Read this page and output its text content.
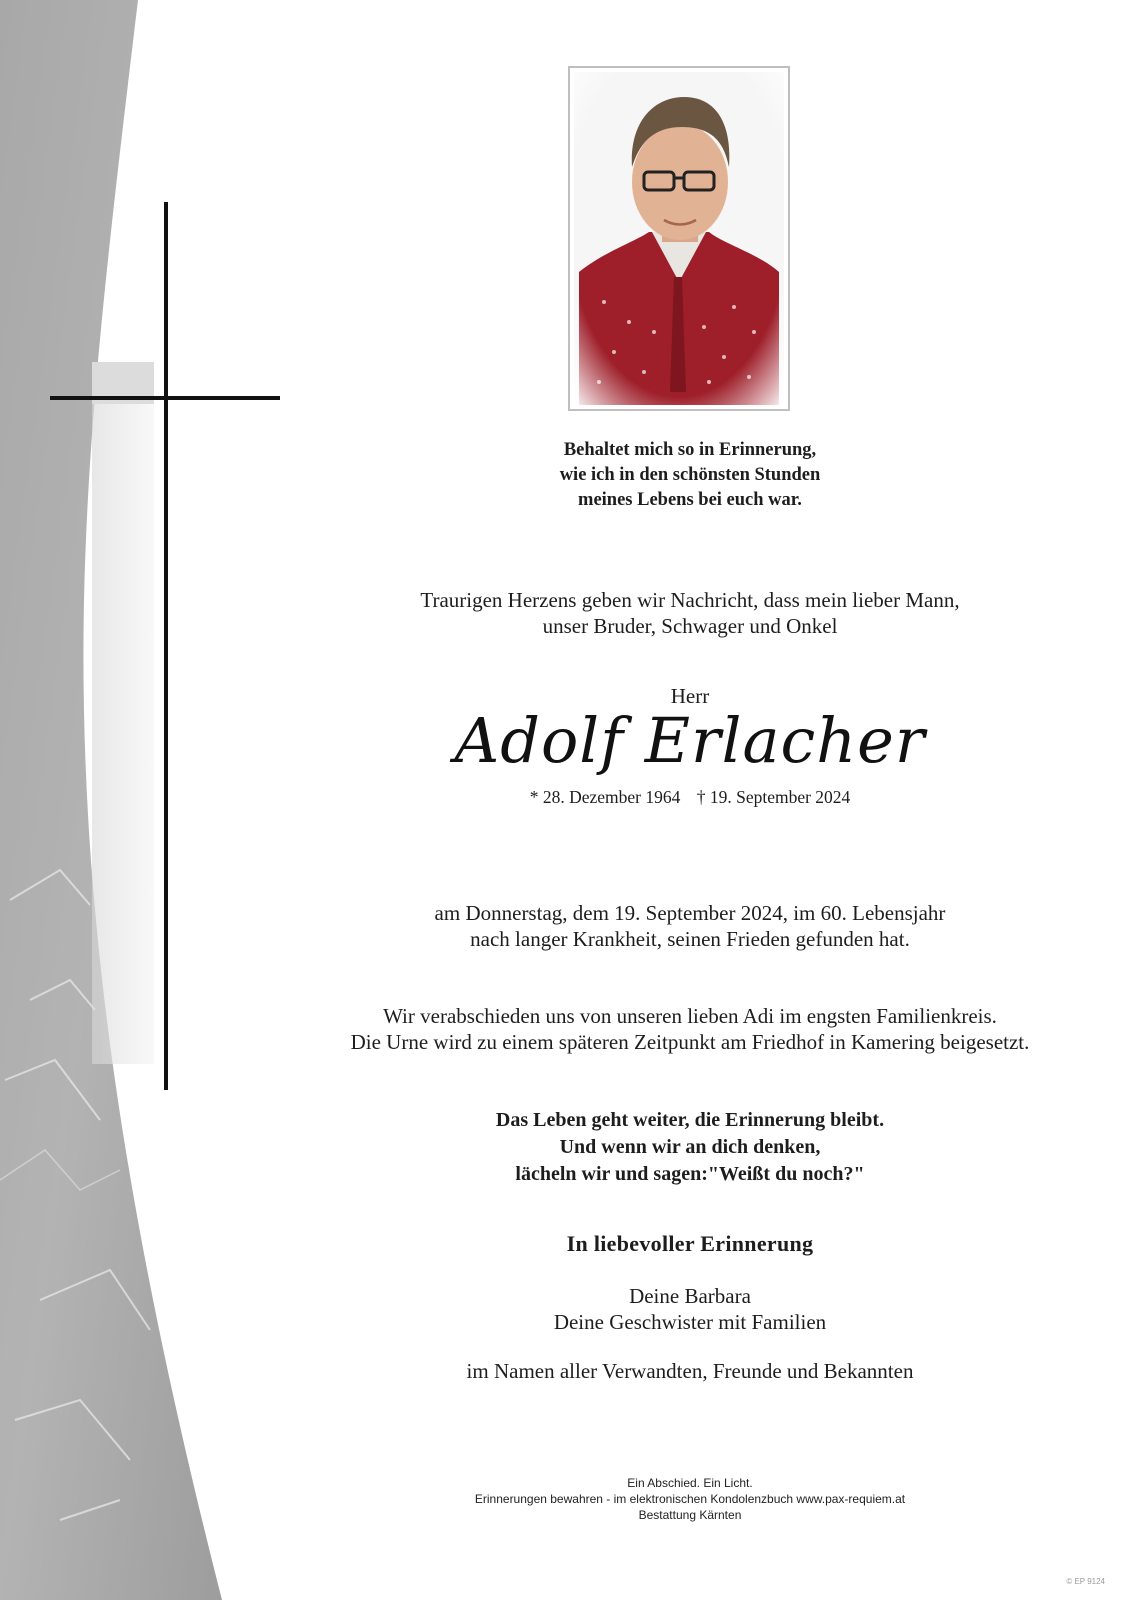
Behaltet mich so in Erinnerung,
wie ich in den schönsten Stunden
meines Lebens bei euch war.
Traurigen Herzens geben wir Nachricht, dass mein lieber Mann,
unser Bruder, Schwager und Onkel
Herr
Adolf Erlacher
* 28. Dezember 1964 † 19. September 2024
am Donnerstag, dem 19. September 2024, im 60. Lebensjahr
nach langer Krankheit, seinen Frieden gefunden hat.
Wir verabschieden uns von unseren lieben Adi im engsten Familienkreis.
Die Urne wird zu einem späteren Zeitpunkt am Friedhof in Kamering beigesetzt.
Das Leben geht weiter, die Erinnerung bleibt.
Und wenn wir an dich denken,
lächeln wir und sagen:"Weißt du noch?"
In liebevoller Erinnerung
Deine Barbara
Deine Geschwister mit Familien
im Namen aller Verwandten, Freunde und Bekannten
Ein Abschied. Ein Licht.
Erinnerungen bewahren - im elektronischen Kondolenzbuch www.pax-requiem.at
Bestattung Kärnten
© EP 9124
